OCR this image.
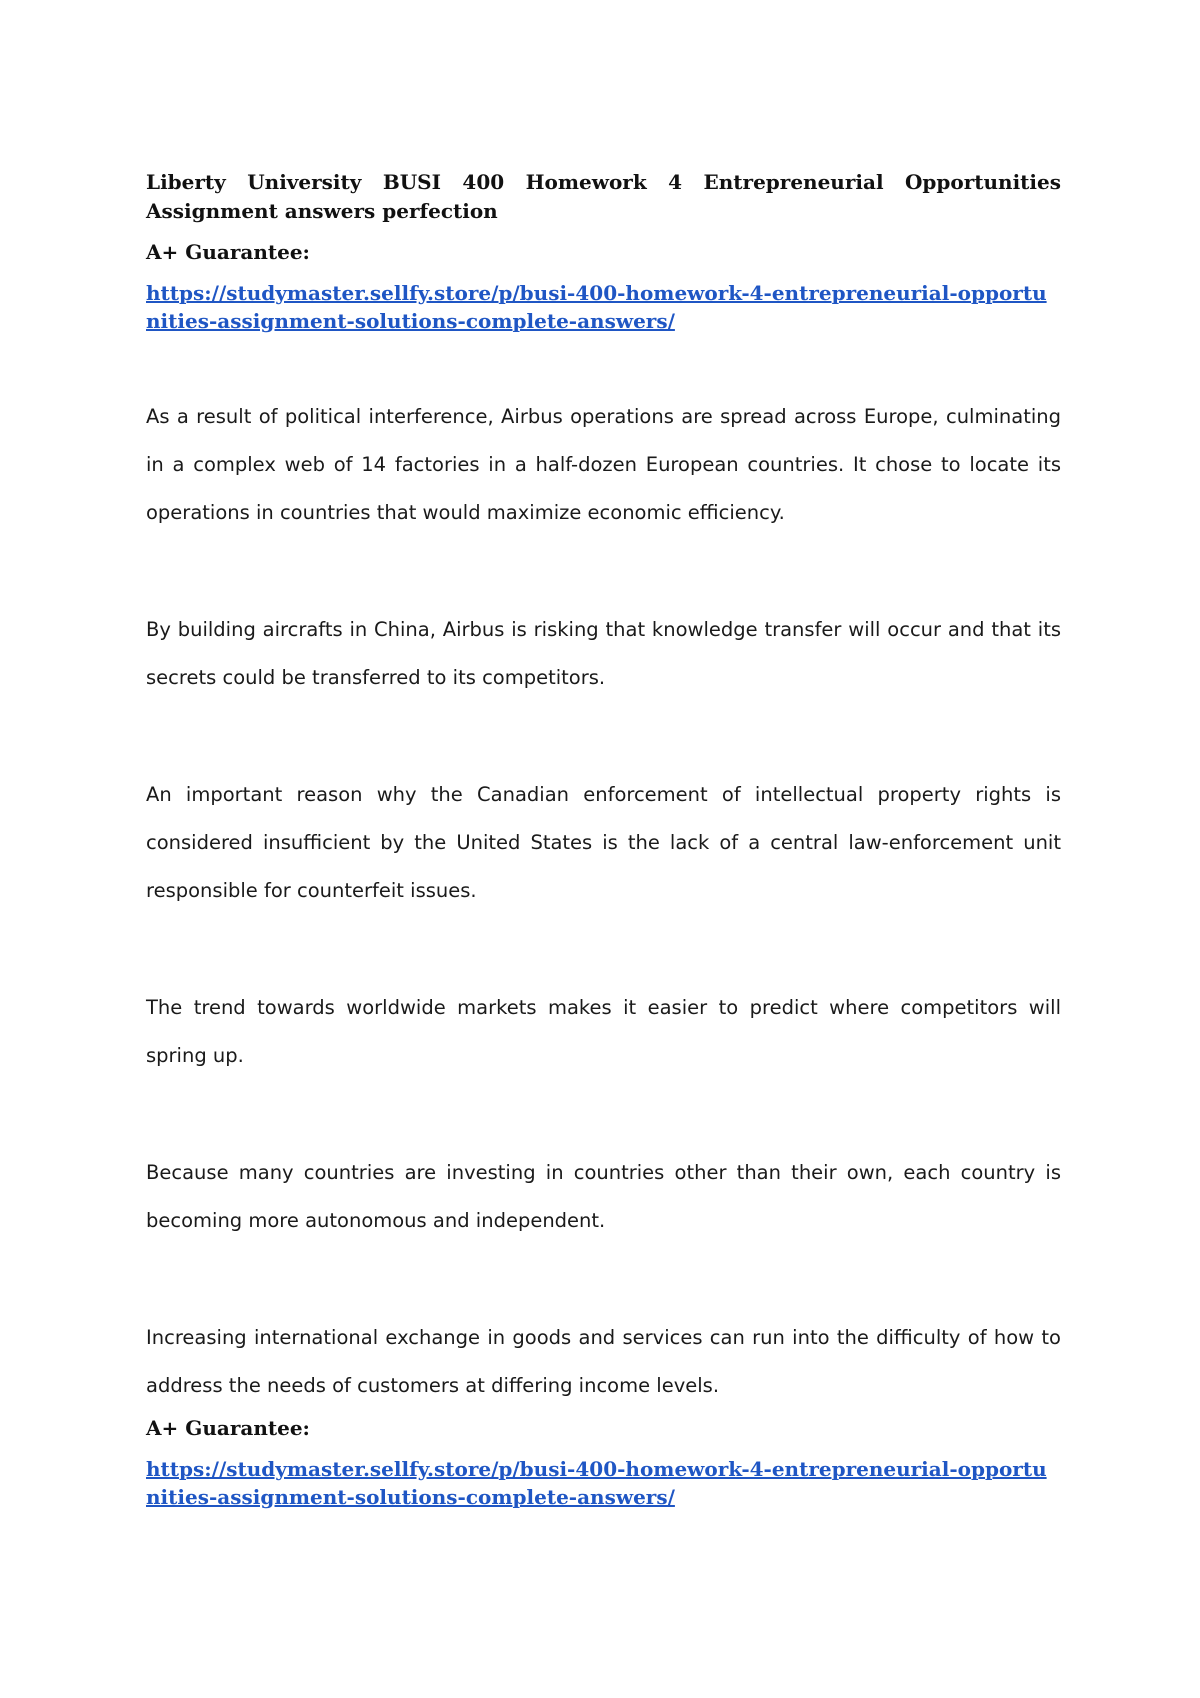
Liberty University BUSI 400 Homework 4 Entrepreneurial Opportunities Assignment answers perfection

A+ Guarantee:

https://studymaster.sellfy.store/p/busi-400-homework-4-entrepreneurial-opportunities-assignment-solutions-complete-answers/

As a result of political interference, Airbus operations are spread across Europe, culminating in a complex web of 14 factories in a half-dozen European countries. It chose to locate its operations in countries that would maximize economic efficiency.

By building aircrafts in China, Airbus is risking that knowledge transfer will occur and that its secrets could be transferred to its competitors.

An important reason why the Canadian enforcement of intellectual property rights is considered insufficient by the United States is the lack of a central law-enforcement unit responsible for counterfeit issues.

The trend towards worldwide markets makes it easier to predict where competitors will spring up.

Because many countries are investing in countries other than their own, each country is becoming more autonomous and independent.

Increasing international exchange in goods and services can run into the difficulty of how to address the needs of customers at differing income levels.

A+ Guarantee:

https://studymaster.sellfy.store/p/busi-400-homework-4-entrepreneurial-opportunities-assignment-solutions-complete-answers/
